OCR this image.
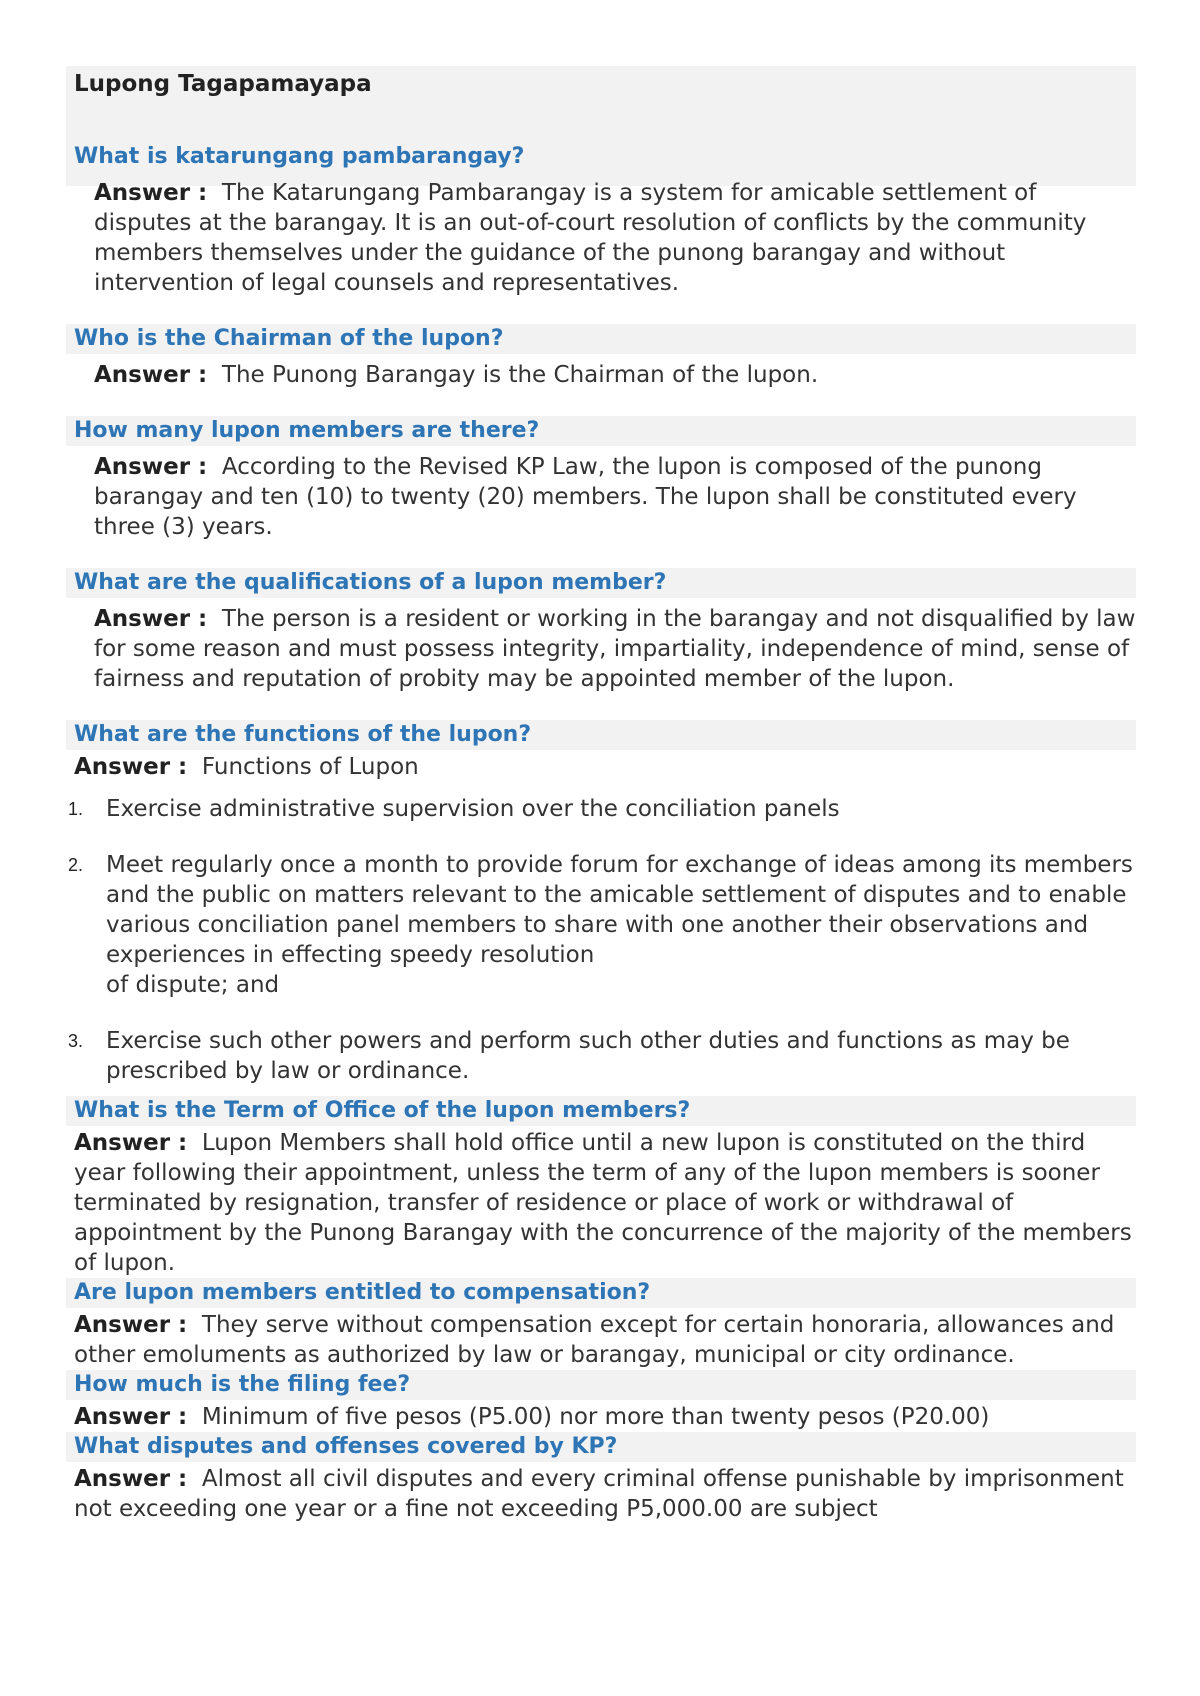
Lupong Tagapamayapa
What is katarungang pambarangay?
Answer : The Katarungang Pambarangay is a system for amicable settlement of disputes at the barangay. It is an out-of-court resolution of conflicts by the community members themselves under the guidance of the punong barangay and without intervention of legal counsels and representatives.
Who is the Chairman of the lupon?
Answer : The Punong Barangay is the Chairman of the lupon.
How many lupon members are there?
Answer : According to the Revised KP Law, the lupon is composed of the punong barangay and ten (10) to twenty (20) members. The lupon shall be constituted every three (3) years.
What are the qualifications of a lupon member?
Answer : The person is a resident or working in the barangay and not disqualified by law for some reason and must possess integrity, impartiality, independence of mind, sense of fairness and reputation of probity may be appointed member of the lupon.
What are the functions of the lupon?
Answer : Functions of Lupon
1. Exercise administrative supervision over the conciliation panels
2. Meet regularly once a month to provide forum for exchange of ideas among its members and the public on matters relevant to the amicable settlement of disputes and to enable various conciliation panel members to share with one another their observations and experiences in effecting speedy resolution
of dispute; and
3. Exercise such other powers and perform such other duties and functions as may be prescribed by law or ordinance.
What is the Term of Office of the lupon members?
Answer : Lupon Members shall hold office until a new lupon is constituted on the third year following their appointment, unless the term of any of the lupon members is sooner terminated by resignation, transfer of residence or place of work or withdrawal of appointment by the Punong Barangay with the concurrence of the majority of the members of lupon.
Are lupon members entitled to compensation?
Answer : They serve without compensation except for certain honoraria, allowances and other emoluments as authorized by law or barangay, municipal or city ordinance.
How much is the filing fee?
Answer : Minimum of five pesos (P5.00) nor more than twenty pesos (P20.00)
What disputes and offenses covered by KP?
Answer : Almost all civil disputes and every criminal offense punishable by imprisonment not exceeding one year or a fine not exceeding P5,000.00 are subject
